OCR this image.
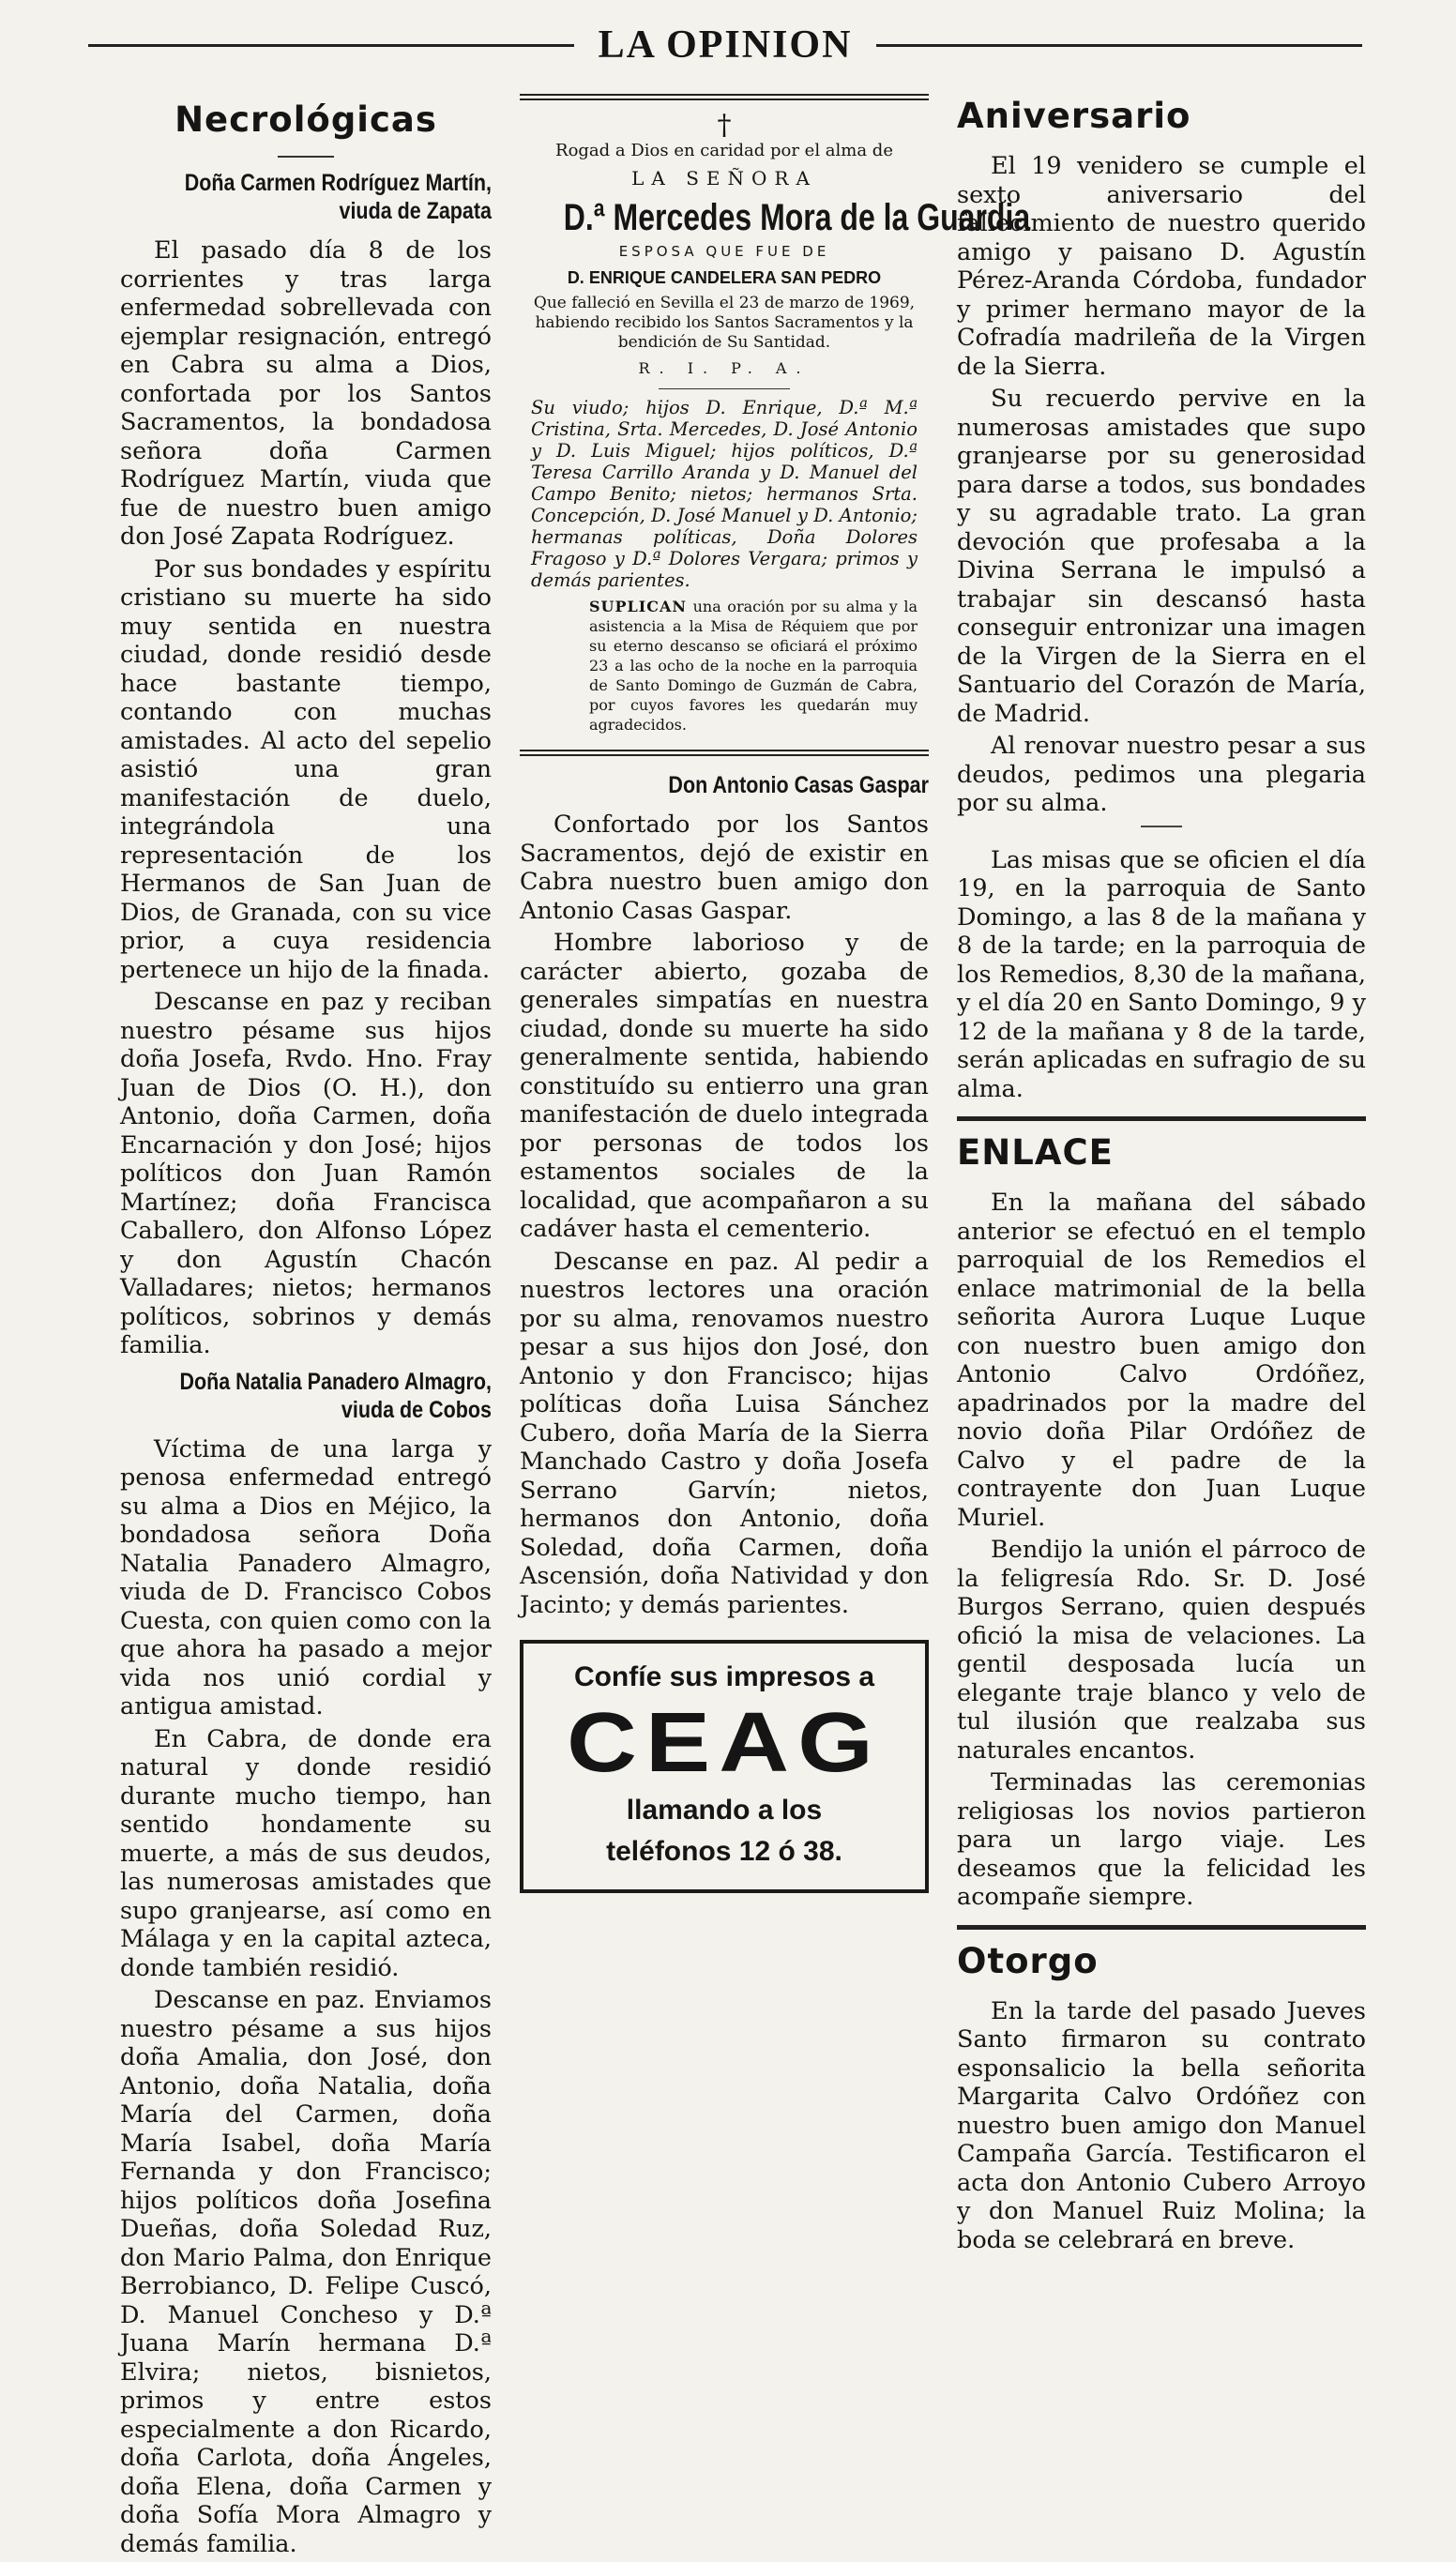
LA OPINION
Necrológicas
Doña Carmen Rodríguez Martín,
viuda de Zapata

El pasado día 8 de los corrientes y tras larga enfermedad sobrellevada con ejemplar resignación, entregó en Cabra su alma a Dios, confortada por los Santos Sacramentos, la bondadosa señora doña Carmen Rodríguez Martín, viuda que fue de nuestro buen amigo don José Zapata Rodríguez.

Por sus bondades y espíritu cristiano su muerte ha sido muy sentida en nuestra ciudad, donde residió desde hace bastante tiempo, contando con muchas amistades. Al acto del sepelio asistió una gran manifestación de duelo, integrándola una representación de los Hermanos de San Juan de Dios, de Granada, con su vice prior, a cuya residencia pertenece un hijo de la finada.

Descanse en paz y reciban nuestro pésame sus hijos doña Josefa, Rvdo. Hno. Fray Juan de Dios (O. H.), don Antonio, doña Carmen, doña Encarnación y don José; hijos políticos don Juan Ramón Martínez; doña Francisca Caballero, don Alfonso López y don Agustín Chacón Valladares; nietos; hermanos políticos, sobrinos y demás familia.

Doña Natalia Panadero Almagro,
viuda de Cobos

Víctima de una larga y penosa enfermedad entregó su alma a Dios en Méjico, la bondadosa señora Doña Natalia Panadero Almagro, viuda de D. Francisco Cobos Cuesta, con quien como con la que ahora ha pasado a mejor vida nos unió cordial y antigua amistad.

En Cabra, de donde era natural y donde residió durante mucho tiempo, han sentido hondamente su muerte, a más de sus deudos, las numerosas amistades que supo granjearse, así como en Málaga y en la capital azteca, donde también residió.

Descanse en paz. Enviamos nuestro pésame a sus hijos doña Amalia, don José, don Antonio, doña Natalia, doña María del Carmen, doña María Isabel, doña María Fernanda y don Francisco; hijos políticos doña Josefina Dueñas, doña Soledad Ruz, don Mario Palma, don Enrique Berrobianco, D. Felipe Cuscó, D. Manuel Concheso y D.ª Juana Marín hermana D.ª Elvira; nietos, bisnietos, primos y entre estos especialmente a don Ricardo, doña Carlota, doña Ángeles, doña Elena, doña Carmen y doña Sofía Mora Almagro y demás familia.

†
Rogad a Dios en caridad por el alma de
LA SEÑORA
D.ª Mercedes Mora de la Guardia
ESPOSA QUE FUE DE
D. ENRIQUE CANDELERA SAN PEDRO
Que falleció en Sevilla el 23 de marzo de 1969, habiendo recibido los Santos Sacramentos y la bendición de Su Santidad.
R. I. P. A.
Su viudo; hijos D. Enrique, D.ª M.ª Cristina, Srta. Mercedes, D. José Antonio y D. Luis Miguel; hijos políticos, D.ª Teresa Carrillo Aranda y D. Manuel del Campo Benito; nietos; hermanos Srta. Concepción, D. José Manuel y D. Antonio; hermanas políticas, Doña Dolores Fragoso y D.ª Dolores Vergara; primos y demás parientes.
SUPLICAN una oración por su alma y la asistencia a la Misa de Réquiem que por su eterno descanso se oficiará el próximo 23 a las ocho de la noche en la parroquia de Santo Domingo de Guzmán de Cabra, por cuyos favores les quedarán muy agradecidos.
Don Antonio Casas Gaspar

Confortado por los Santos Sacramentos, dejó de existir en Cabra nuestro buen amigo don Antonio Casas Gaspar.

Hombre laborioso y de carácter abierto, gozaba de generales simpatías en nuestra ciudad, donde su muerte ha sido generalmente sentida, habiendo constituído su entierro una gran manifestación de duelo integrada por personas de todos los estamentos sociales de la localidad, que acompañaron a su cadáver hasta el cementerio.

Descanse en paz. Al pedir a nuestros lectores una oración por su alma, renovamos nuestro pesar a sus hijos don José, don Antonio y don Francisco; hijas políticas doña Luisa Sánchez Cubero, doña María de la Sierra Manchado Castro y doña Josefa Serrano Garvín; nietos, hermanos don Antonio, doña Soledad, doña Carmen, doña Ascensión, doña Natividad y don Jacinto; y demás parientes.

Confíe sus impresos a
CEAG
llamando a los
teléfonos 12 ó 38.
Aniversario

El 19 venidero se cumple el sexto aniversario del fallecimiento de nuestro querido amigo y paisano D. Agustín Pérez-Aranda Córdoba, fundador y primer hermano mayor de la Cofradía madrileña de la Virgen de la Sierra.

Su recuerdo pervive en la numerosas amistades que supo granjearse por su generosidad para darse a todos, sus bondades y su agradable trato. La gran devoción que profesaba a la Divina Serrana le impulsó a trabajar sin descansó hasta conseguir entronizar una imagen de la Virgen de la Sierra en el Santuario del Corazón de María, de Madrid.

Al renovar nuestro pesar a sus deudos, pedimos una plegaria por su alma.

Las misas que se oficien el día 19, en la parroquia de Santo Domingo, a las 8 de la mañana y 8 de la tarde; en la parroquia de los Remedios, 8,30 de la mañana, y el día 20 en Santo Domingo, 9 y 12 de la mañana y 8 de la tarde, serán aplicadas en sufragio de su alma.

ENLACE

En la mañana del sábado anterior se efectuó en el templo parroquial de los Remedios el enlace matrimonial de la bella señorita Aurora Luque Luque con nuestro buen amigo don Antonio Calvo Ordóñez, apadrinados por la madre del novio doña Pilar Ordóñez de Calvo y el padre de la contrayente don Juan Luque Muriel.

Bendijo la unión el párroco de la feligresía Rdo. Sr. D. José Burgos Serrano, quien después ofició la misa de velaciones. La gentil desposada lucía un elegante traje blanco y velo de tul ilusión que realzaba sus naturales encantos.

Terminadas las ceremonias religiosas los novios partieron para un largo viaje. Les deseamos que la felicidad les acompañe siempre.

Otorgo

En la tarde del pasado Jueves Santo firmaron su contrato esponsalicio la bella señorita Margarita Calvo Ordóñez con nuestro buen amigo don Manuel Campaña García. Testificaron el acta don Antonio Cubero Arroyo y don Manuel Ruiz Molina; la boda se celebrará en breve.
